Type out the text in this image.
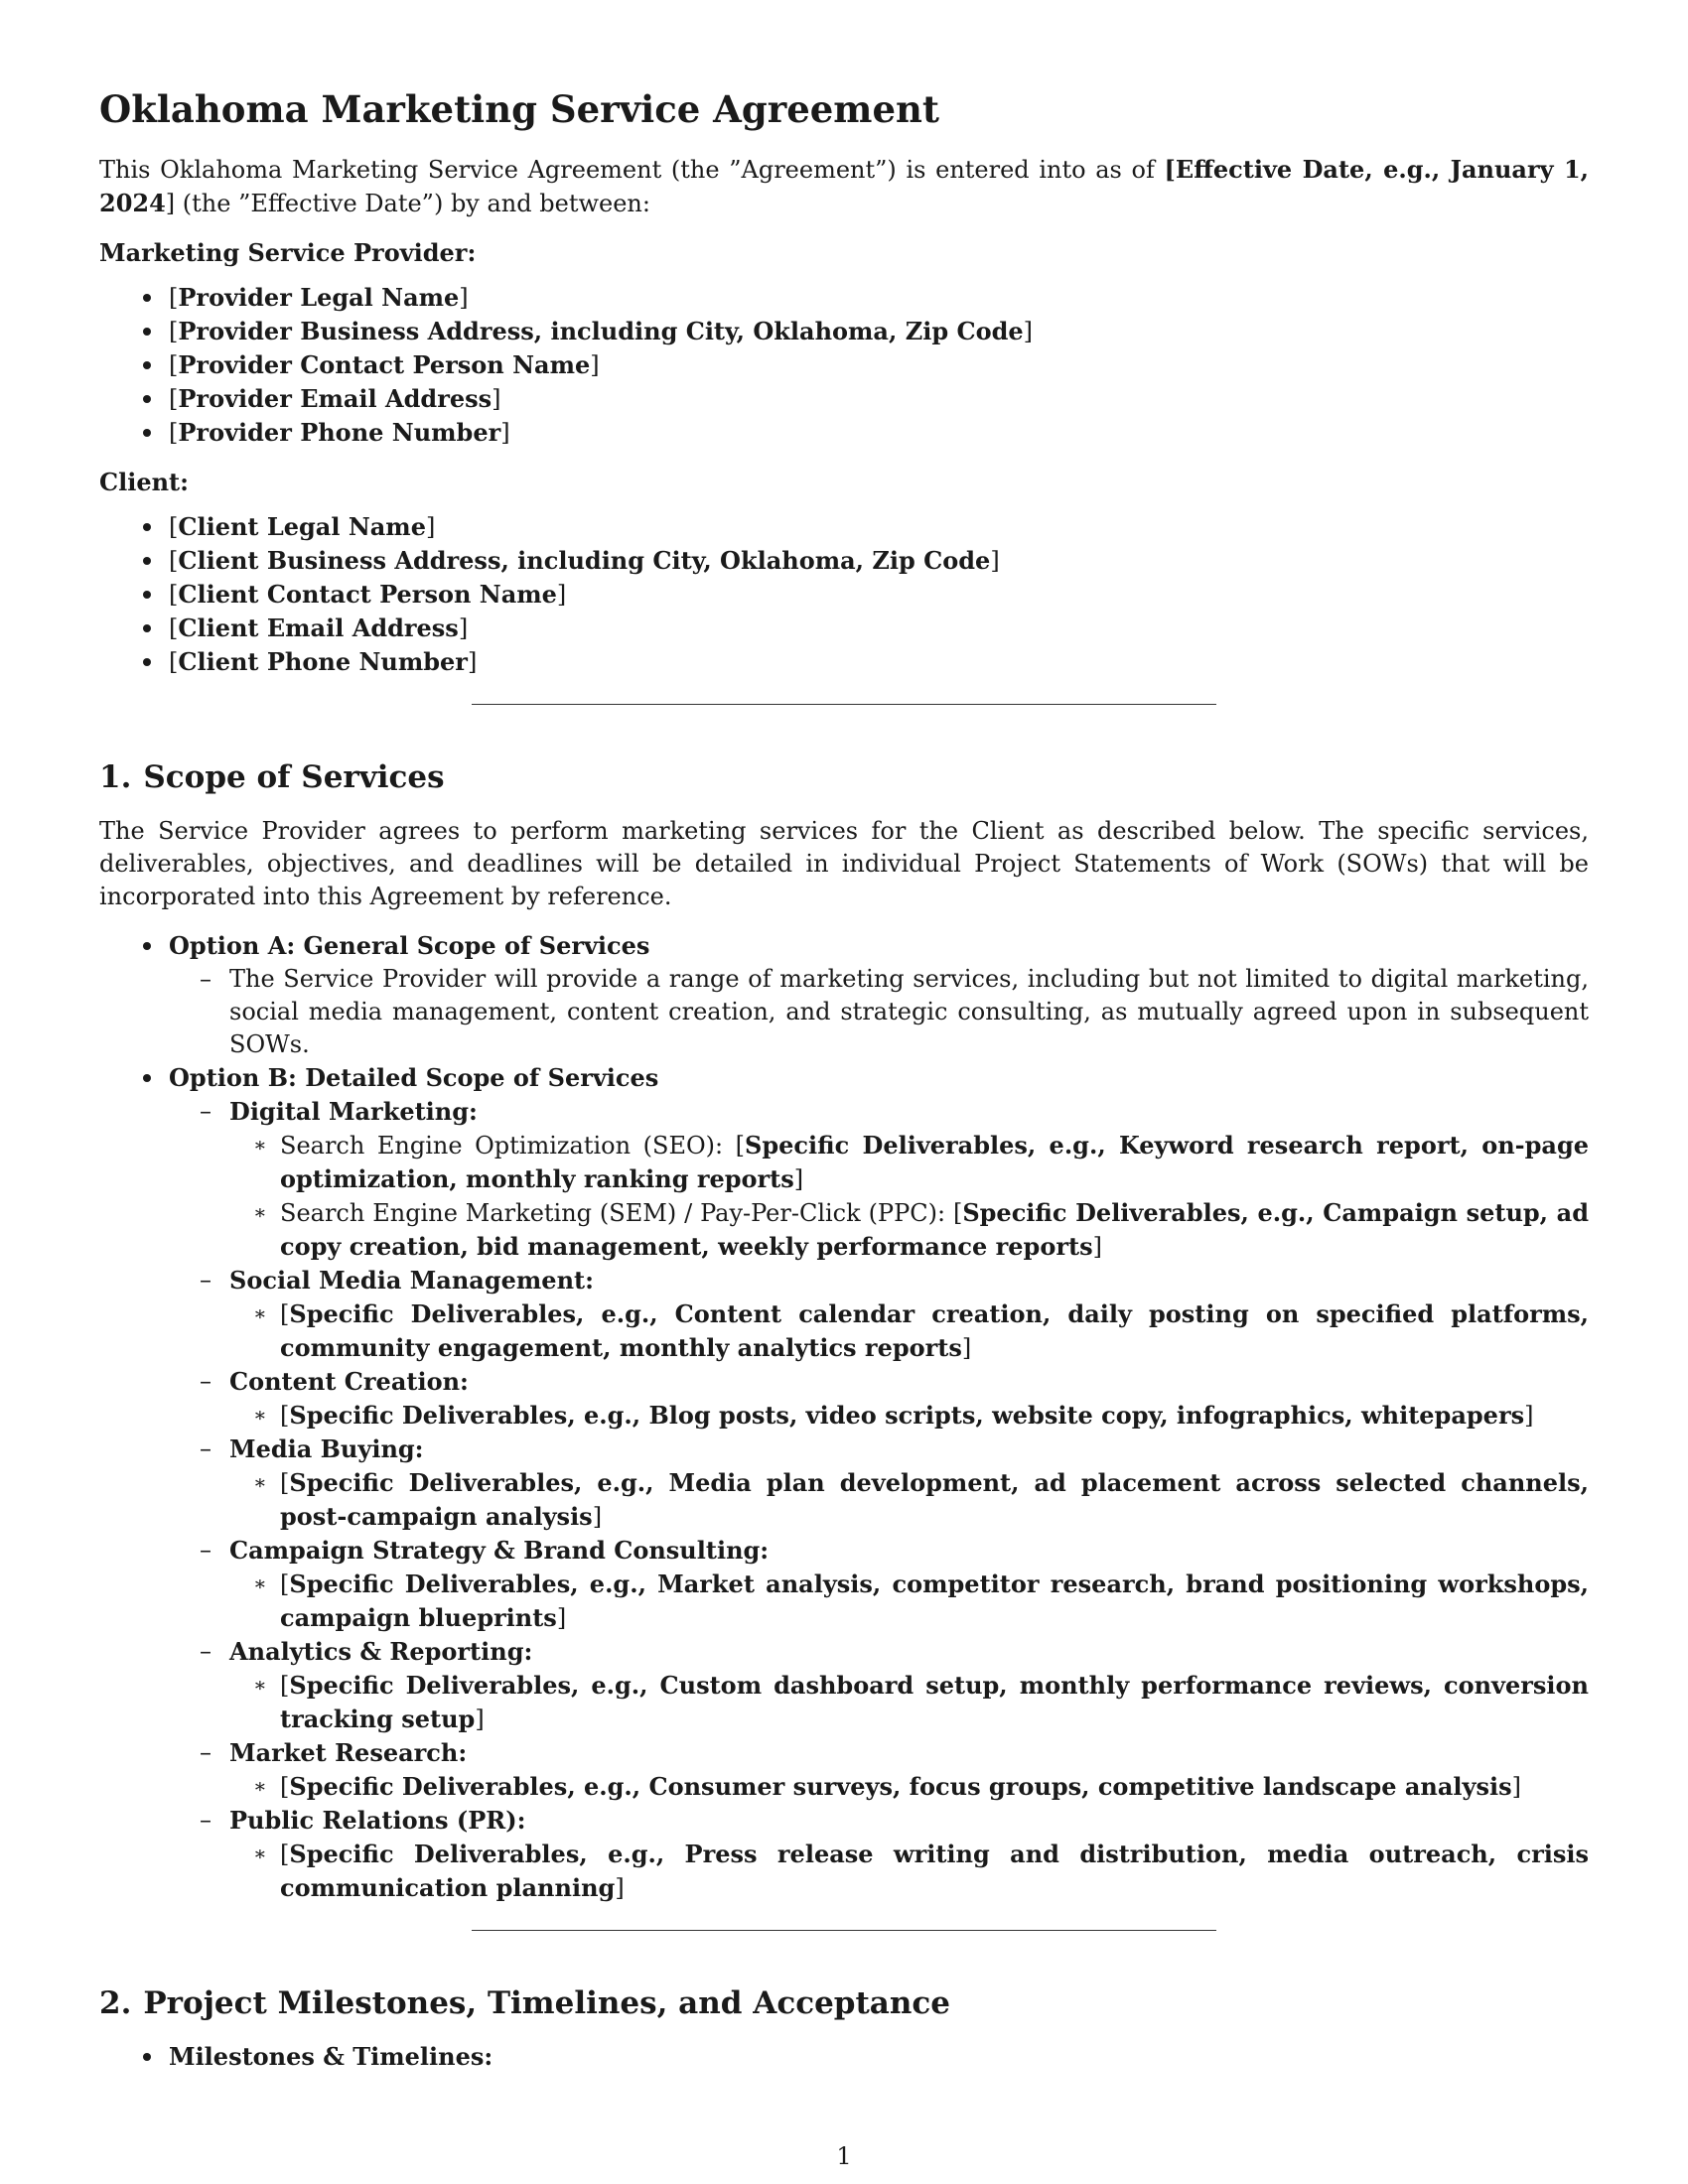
Oklahoma Marketing Service Agreement

This Oklahoma Marketing Service Agreement (the ”Agreement”) is entered into as of [Effective Date, e.g., January 1, 2024] (the ”Effective Date”) by and between:

Marketing Service Provider:
[Provider Legal Name]
[Provider Business Address, including City, Oklahoma, Zip Code]
[Provider Contact Person Name]
[Provider Email Address]
[Provider Phone Number]
Client:
[Client Legal Name]
[Client Business Address, including City, Oklahoma, Zip Code]
[Client Contact Person Name]
[Client Email Address]
[Client Phone Number]
1. Scope of Services

The Service Provider agrees to perform marketing services for the Client as described below. The specific services, deliverables, objectives, and deadlines will be detailed in individual Project Statements of Work (SOWs) that will be incorporated into this Agreement by reference.

Option A: General Scope of Services
– The Service Provider will provide a range of marketing services, including but not limited to digital marketing, social media management, content creation, and strategic consulting, as mutually agreed upon in subsequent SOWs.
Option B: Detailed Scope of Services
– Digital Marketing:
∗ Search Engine Optimization (SEO): [Specific Deliverables, e.g., Keyword research report, on-page optimization, monthly ranking reports]
∗ Search Engine Marketing (SEM) / Pay-Per-Click (PPC): [Specific Deliverables, e.g., Campaign setup, ad copy creation, bid management, weekly performance reports]
– Social Media Management:
∗ [Specific Deliverables, e.g., Content calendar creation, daily posting on specified platforms, community engagement, monthly analytics reports]
– Content Creation:
∗ [Specific Deliverables, e.g., Blog posts, video scripts, website copy, infographics, whitepapers]
– Media Buying:
∗ [Specific Deliverables, e.g., Media plan development, ad placement across selected channels, post-campaign analysis]
– Campaign Strategy & Brand Consulting:
∗ [Specific Deliverables, e.g., Market analysis, competitor research, brand positioning workshops, campaign blueprints]
– Analytics & Reporting:
∗ [Specific Deliverables, e.g., Custom dashboard setup, monthly performance reviews, conversion tracking setup]
– Market Research:
∗ [Specific Deliverables, e.g., Consumer surveys, focus groups, competitive landscape analysis]
– Public Relations (PR):
∗ [Specific Deliverables, e.g., Press release writing and distribution, media outreach, crisis communication planning]
2. Project Milestones, Timelines, and Acceptance
Milestones & Timelines:
1
